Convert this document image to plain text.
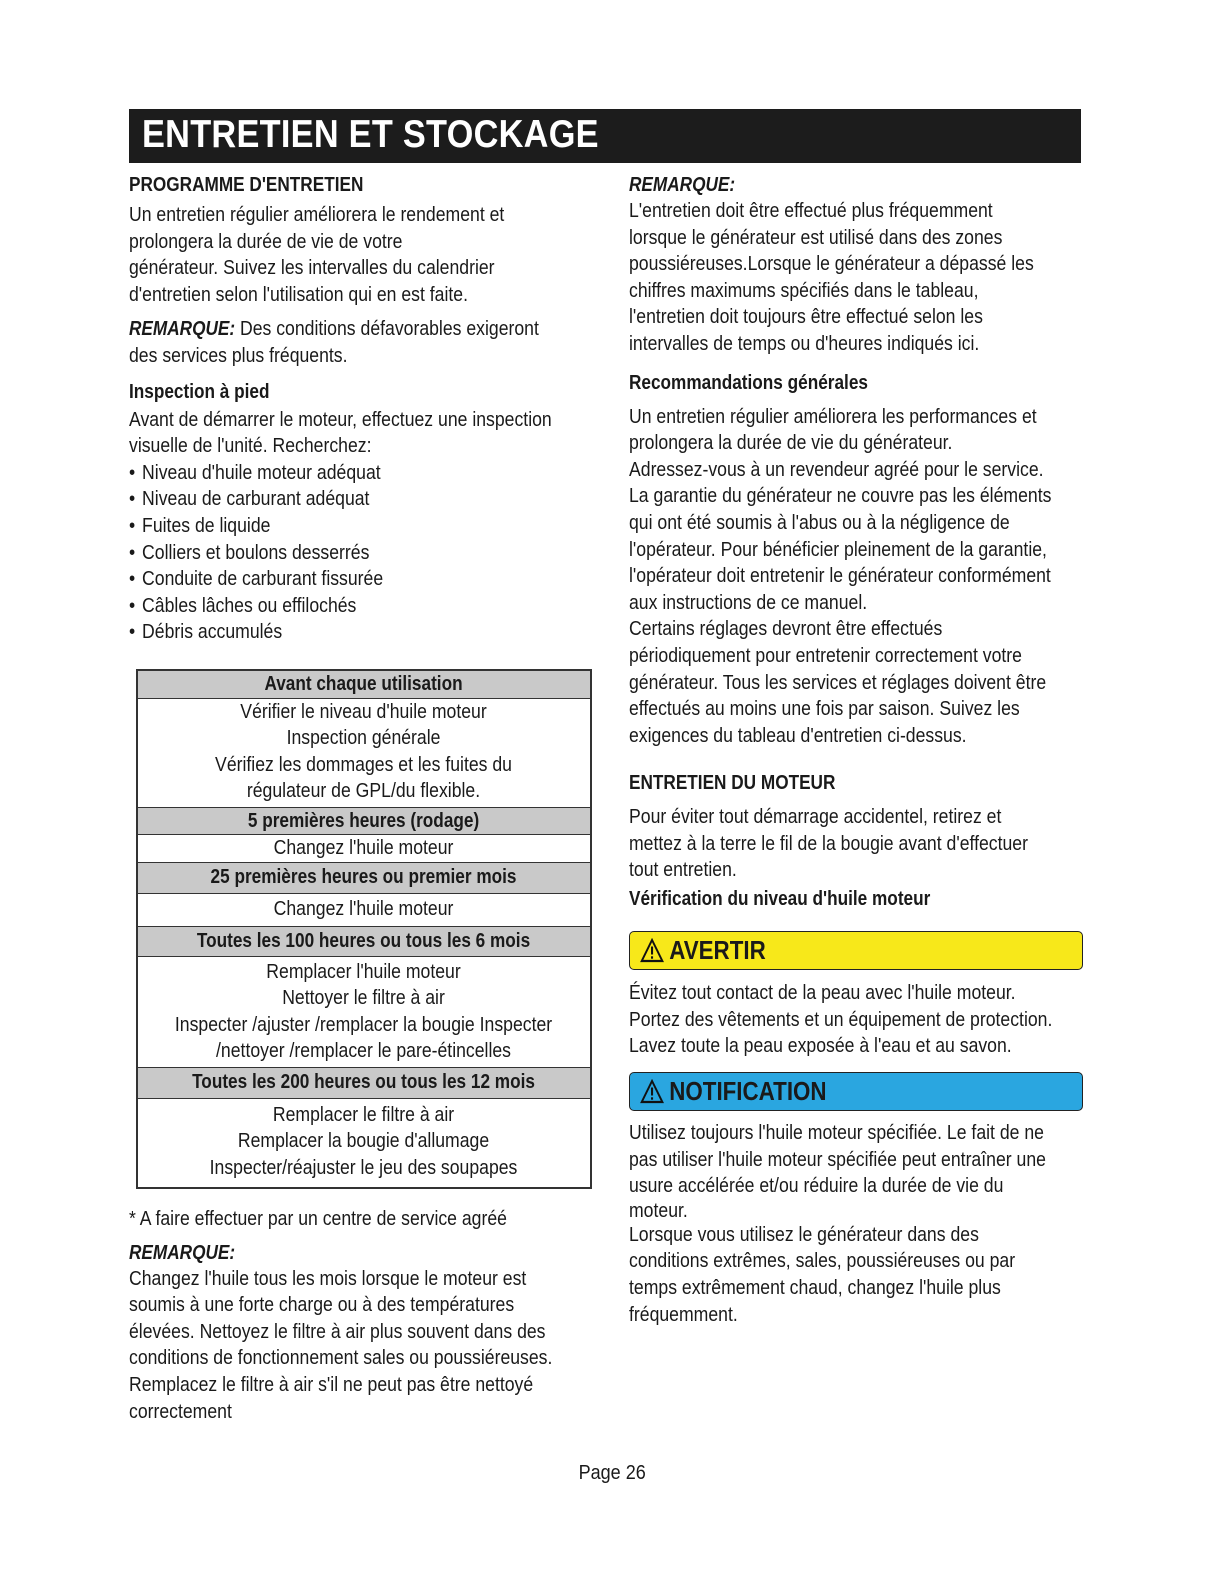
ENTRETIEN ET STOCKAGE
PROGRAMME D'ENTRETIEN

Un entretien régulier améliorera le rendement et

prolongera la durée de vie de votre

générateur. Suivez les intervalles du calendrier

d'entretien selon l'utilisation qui en est faite.

REMARQUE: Des conditions défavorables exigeront

des services plus fréquents.

Inspection à pied

Avant de démarrer le moteur, effectuez une inspection

visuelle de l'unité. Recherchez:

• Niveau d'huile moteur adéquat
• Niveau de carburant adéquat
• Fuites de liquide
• Colliers et boulons desserrés
• Conduite de carburant fissurée
• Câbles lâches ou effilochés
• Débris accumulés
Avant chaque utilisation
Vérifier le niveau d'huile moteur
Inspection générale
Vérifiez les dommages et les fuites du
régulateur de GPL/du flexible.
5 premières heures (rodage)
Changez l'huile moteur
25 premières heures ou premier mois
Changez l'huile moteur
Toutes les 100 heures ou tous les 6 mois
Remplacer l'huile moteur
Nettoyer le filtre à air
Inspecter /ajuster /remplacer la bougie Inspecter
/nettoyer /remplacer le pare-étincelles
Toutes les 200 heures ou tous les 12 mois
Remplacer le filtre à air
Remplacer la bougie d'allumage
Inspecter/réajuster le jeu des soupapes

* A faire effectuer par un centre de service agréé

REMARQUE:

Changez l'huile tous les mois lorsque le moteur est

soumis à une forte charge ou à des températures

élevées. Nettoyez le filtre à air plus souvent dans des

conditions de fonctionnement sales ou poussiéreuses.

Remplacez le filtre à air s'il ne peut pas être nettoyé

correctement

REMARQUE:

L'entretien doit être effectué plus fréquemment

lorsque le générateur est utilisé dans des zones

poussiéreuses.Lorsque le générateur a dépassé les

chiffres maximums spécifiés dans le tableau,

l'entretien doit toujours être effectué selon les

intervalles de temps ou d'heures indiqués ici.

Recommandations générales

Un entretien régulier améliorera les performances et

prolongera la durée de vie du générateur.

Adressez-vous à un revendeur agréé pour le service.

La garantie du générateur ne couvre pas les éléments

qui ont été soumis à l'abus ou à la négligence de

l'opérateur. Pour bénéficier pleinement de la garantie,

l'opérateur doit entretenir le générateur conformément

aux instructions de ce manuel.

Certains réglages devront être effectués

périodiquement pour entretenir correctement votre

générateur. Tous les services et réglages doivent être

effectués au moins une fois par saison. Suivez les

exigences du tableau d'entretien ci-dessus.

ENTRETIEN DU MOTEUR

Pour éviter tout démarrage accidentel, retirez et

mettez à la terre le fil de la bougie avant d'effectuer

tout entretien.

Vérification du niveau d'huile moteur
AVERTIR

Évitez tout contact de la peau avec l'huile moteur.

Portez des vêtements et un équipement de protection.

Lavez toute la peau exposée à l'eau et au savon.

NOTIFICATION

Utilisez toujours l'huile moteur spécifiée. Le fait de ne

pas utiliser l'huile moteur spécifiée peut entraîner une

usure accélérée et/ou réduire la durée de vie du

moteur.

Lorsque vous utilisez le générateur dans des

conditions extrêmes, sales, poussiéreuses ou par

temps extrêmement chaud, changez l'huile plus

fréquemment.

Page 26
